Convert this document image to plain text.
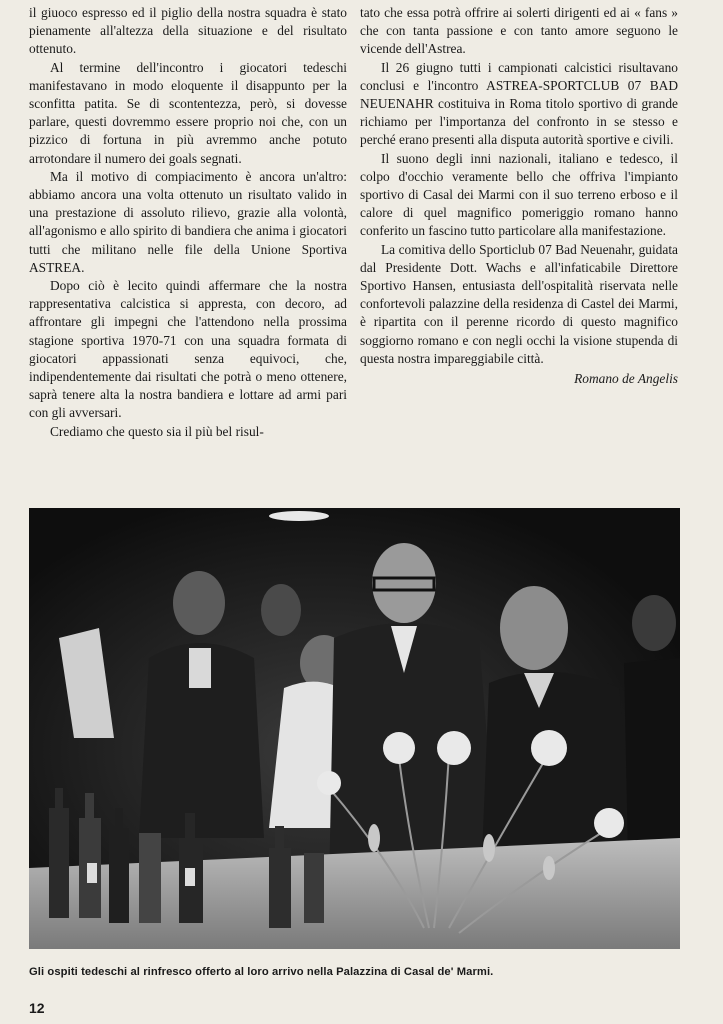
il giuoco espresso ed il piglio della nostra squadra è stato pienamente all'altezza della situazione e del risultato ottenuto.

Al termine dell'incontro i giocatori tedeschi manifestavano in modo eloquente il disappunto per la sconfitta patita. Se di scontentezza, però, si dovesse parlare, questi dovremmo essere proprio noi che, con un pizzico di fortuna in più avremmo anche potuto arrotondare il numero dei goals segnati.

Ma il motivo di compiacimento è ancora un'altro: abbiamo ancora una volta ottenuto un risultato valido in una prestazione di assoluto rilievo, grazie alla volontà, all'agonismo e allo spirito di bandiera che anima i giocatori tutti che militano nelle file della Unione Sportiva ASTREA.

Dopo ciò è lecito quindi affermare che la nostra rappresentativa calcistica si appresta, con decoro, ad affrontare gli impegni che l'attendono nella prossima stagione sportiva 1970-71 con una squadra formata di giocatori appassionati senza equivoci, che, indipendentemente dai risultati che potrà o meno ottenere, saprà tenere alta la nostra bandiera e lottare ad armi pari con gli avversari.

Crediamo che questo sia il più bel risul-

tato che essa potrà offrire ai solerti dirigenti ed ai « fans » che con tanta passione e con tanto amore seguono le vicende dell'Astrea.

Il 26 giugno tutti i campionati calcistici risultavano conclusi e l'incontro ASTREA-SPORTCLUB 07 BAD NEUENAHR costituiva in Roma titolo sportivo di grande richiamo per l'importanza del confronto in se stesso e perché erano presenti alla disputa autorità sportive e civili.

Il suono degli inni nazionali, italiano e tedesco, il colpo d'occhio veramente bello che offriva l'impianto sportivo di Casal dei Marmi con il suo terreno erboso e il calore di quel magnifico pomeriggio romano hanno conferito un fascino tutto particolare alla manifestazione.

La comitiva dello Sporticlub 07 Bad Neuenahr, guidata dal Presidente Dott. Wachs e all'infaticabile Direttore Sportivo Hansen, entusiasta dell'ospitalità riservata nelle confortevoli palazzine della residenza di Castel dei Marmi, è ripartita con il perenne ricordo di questo magnifico soggiorno romano e con negli occhi la visione stupenda di questa nostra impareggiabile città.

Romano de Angelis

Gli ospiti tedeschi al rinfresco offerto al loro arrivo nella Palazzina di Casal de' Marmi.
12
